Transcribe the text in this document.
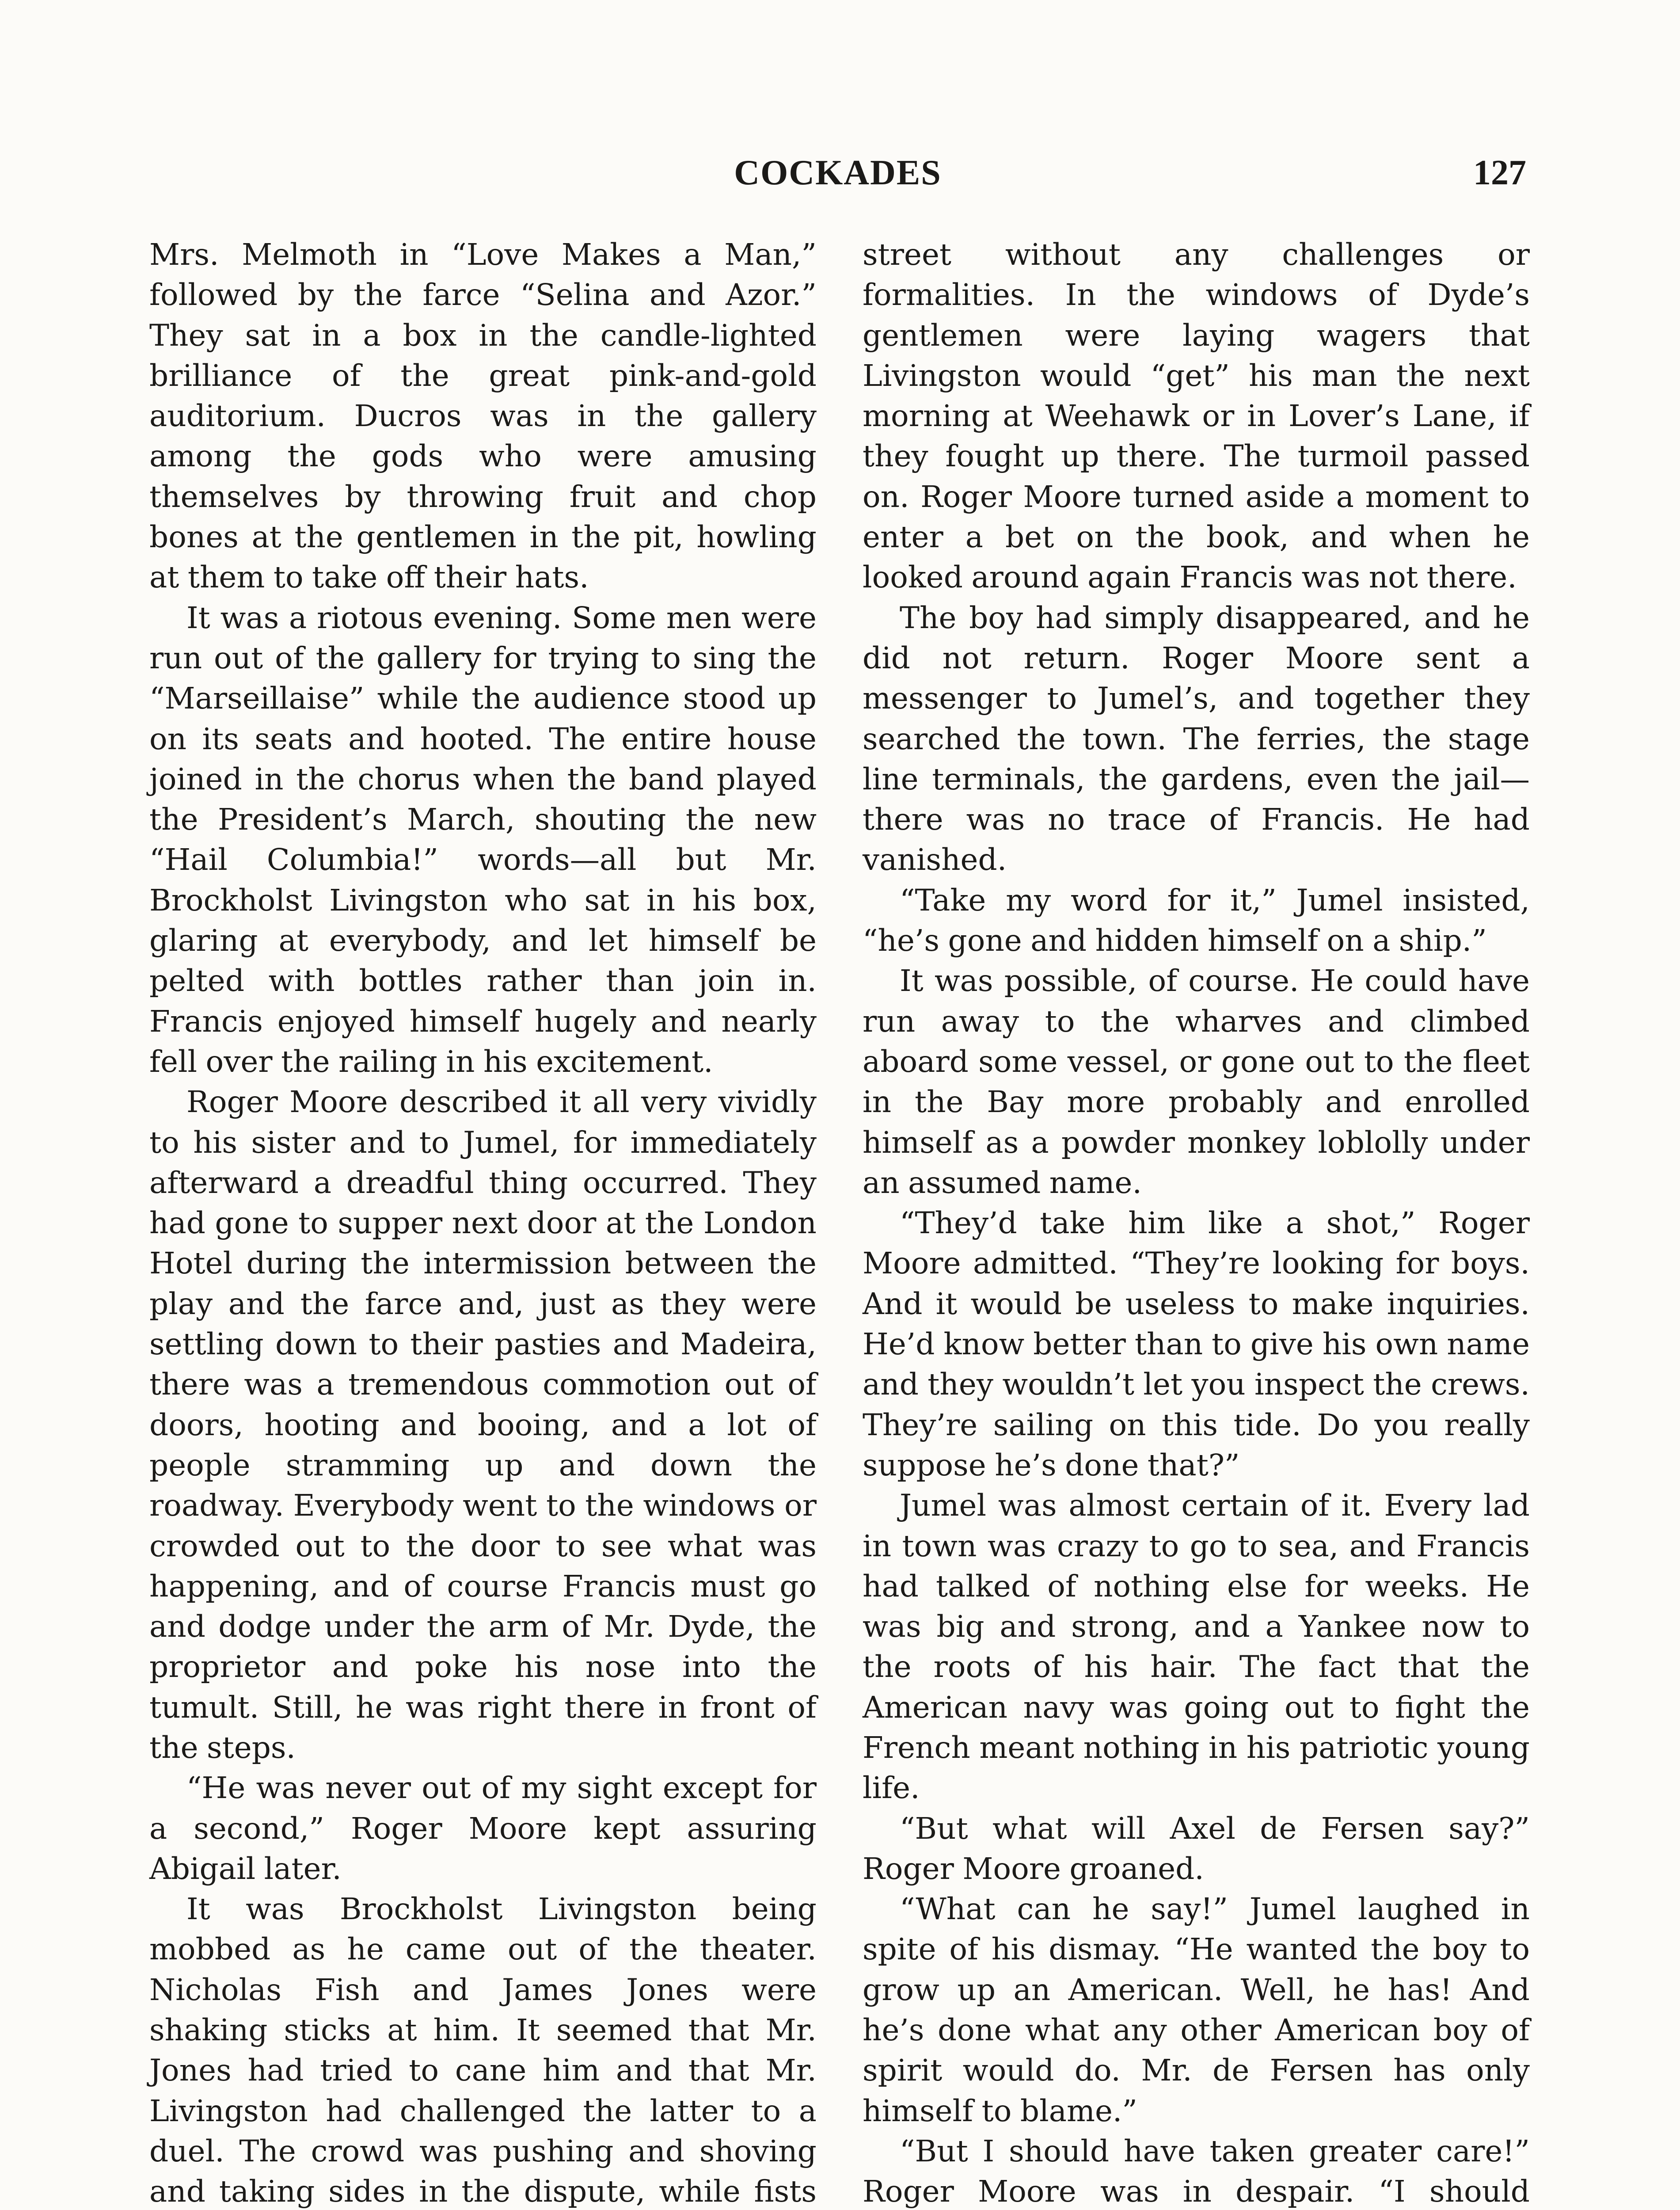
COCKADES	127

Mrs. Melmoth in “Love Makes a Man,” followed by the farce “Selina and Azor.” They sat in a box in the candle-lighted brilliance of the great pink-and-gold auditorium. Ducros was in the gallery among the gods who were amusing themselves by throwing fruit and chop bones at the gentlemen in the pit, howling at them to take off their hats.

It was a riotous evening. Some men were run out of the gallery for trying to sing the “Marseillaise” while the audience stood up on its seats and hooted. The entire house joined in the chorus when the band played the President’s March, shouting the new “Hail Columbia!” words—all but Mr. Brockholst Livingston who sat in his box, glaring at everybody, and let himself be pelted with bottles rather than join in. Francis enjoyed himself hugely and nearly fell over the railing in his excitement.

Roger Moore described it all very vividly to his sister and to Jumel, for immediately afterward a dreadful thing occurred. They had gone to supper next door at the London Hotel during the intermission between the play and the farce and, just as they were settling down to their pasties and Madeira, there was a tremendous commotion out of doors, hooting and booing, and a lot of people stramming up and down the roadway. Everybody went to the windows or crowded out to the door to see what was happening, and of course Francis must go and dodge under the arm of Mr. Dyde, the proprietor and poke his nose into the tumult. Still, he was right there in front of the steps.

“He was never out of my sight except for a second,” Roger Moore kept assuring Abigail later.

It was Brockholst Livingston being mobbed as he came out of the theater. Nicholas Fish and James Jones were shaking sticks at him. It seemed that Mr. Jones had tried to cane him and that Mr. Livingston had challenged the latter to a duel. The crowd was pushing and shoving and taking sides in the dispute, while fists

street without any challenges or formalities. In the windows of Dyde’s gentlemen were laying wagers that Livingston would “get” his man the next morning at Weehawk or in Lover’s Lane, if they fought up there. The turmoil passed on. Roger Moore turned aside a moment to enter a bet on the book, and when he looked around again Francis was not there.

The boy had simply disappeared, and he did not return. Roger Moore sent a messenger to Jumel’s, and together they searched the town. The ferries, the stage line terminals, the gardens, even the jail—there was no trace of Francis. He had vanished.

“Take my word for it,” Jumel insisted, “he’s gone and hidden himself on a ship.”

It was possible, of course. He could have run away to the wharves and climbed aboard some vessel, or gone out to the fleet in the Bay more probably and enrolled himself as a powder monkey loblolly under an assumed name.

“They’d take him like a shot,” Roger Moore admitted. “They’re looking for boys. And it would be useless to make inquiries. He’d know better than to give his own name and they wouldn’t let you inspect the crews. They’re sailing on this tide. Do you really suppose he’s done that?”

Jumel was almost certain of it. Every lad in town was crazy to go to sea, and Francis had talked of nothing else for weeks. He was big and strong, and a Yankee now to the roots of his hair. The fact that the American navy was going out to fight the French meant nothing in his patriotic young life.

“But what will Axel de Fersen say?” Roger Moore groaned.

“What can he say!” Jumel laughed in spite of his dismay. “He wanted the boy to grow up an American. Well, he has! And he’s done what any other American boy of spirit would do. Mr. de Fersen has only himself to blame.”

“But I should have taken greater care!” Roger Moore was in despair. “I should
